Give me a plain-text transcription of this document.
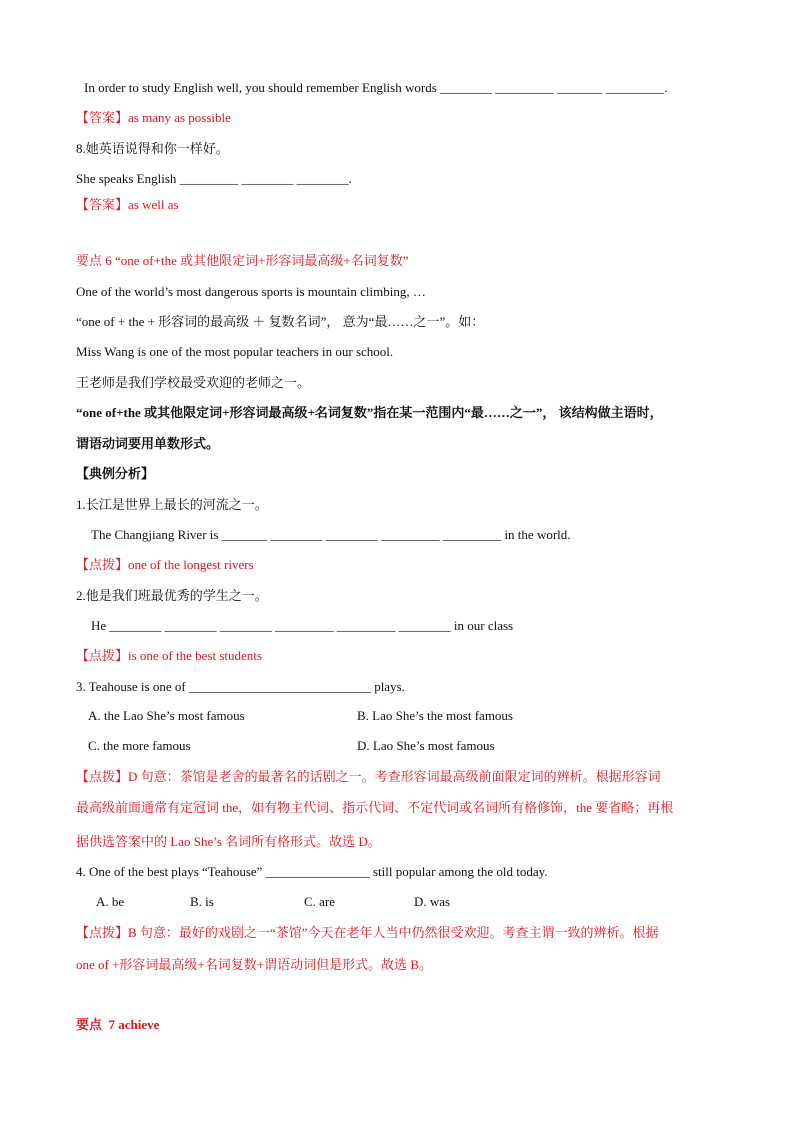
In order to study English well, you should remember English words ________ _________ _______ _________.
【答案】as many as possible
8.她英语说得和你一样好。
She speaks English _________ ________ ________.
【答案】as well as
要点 6 “one of+the 或其他限定词+形容词最高级+名词复数”
One of the world’s most dangerous sports is mountain climbing, …
“one of + the + 形容词的最高级 ＋ 复数名词”， 意为“最……之一”。如：
Miss Wang is one of the most popular teachers in our school.
王老师是我们学校最受欢迎的老师之一。
“one of+the 或其他限定词+形容词最高级+名词复数”指在某一范围内“最……之一”， 该结构做主语时，
谓语动词要用单数形式。
【典例分析】
1.长江是世界上最长的河流之一。
The Changjiang River is _______ ________ ________ _________ _________ in the world.
【点拨】one of the longest rivers
2.他是我们班最优秀的学生之一。
He ________ ________ ________ _________ _________ ________ in our class
【点拨】is one of the best students
3. Teahouse is one of ____________________________ plays.
A. the Lao She’s most famous	B. Lao She’s the most famous
C. the more famous	D. Lao She’s most famous
【点拨】D 句意：茶馆是老舍的最著名的话剧之一。考查形容词最高级前面限定词的辨析。根据形容词
最高级前面通常有定冠词 the，如有物主代词、指示代词、不定代词或名词所有格修饰，the 要省略；再根
据供选答案中的 Lao She’s 名词所有格形式。故选 D。
4. One of the best plays “Teahouse” ________________ still popular among the old today.
A. be	B. is	C. are	D. was
【点拨】B 句意：最好的戏剧之一“茶馆”今天在老年人当中仍然很受欢迎。考查主谓一致的辨析。根据
one of +形容词最高级+名词复数+谓语动词但是形式。故选 B。
要点  7 achieve
